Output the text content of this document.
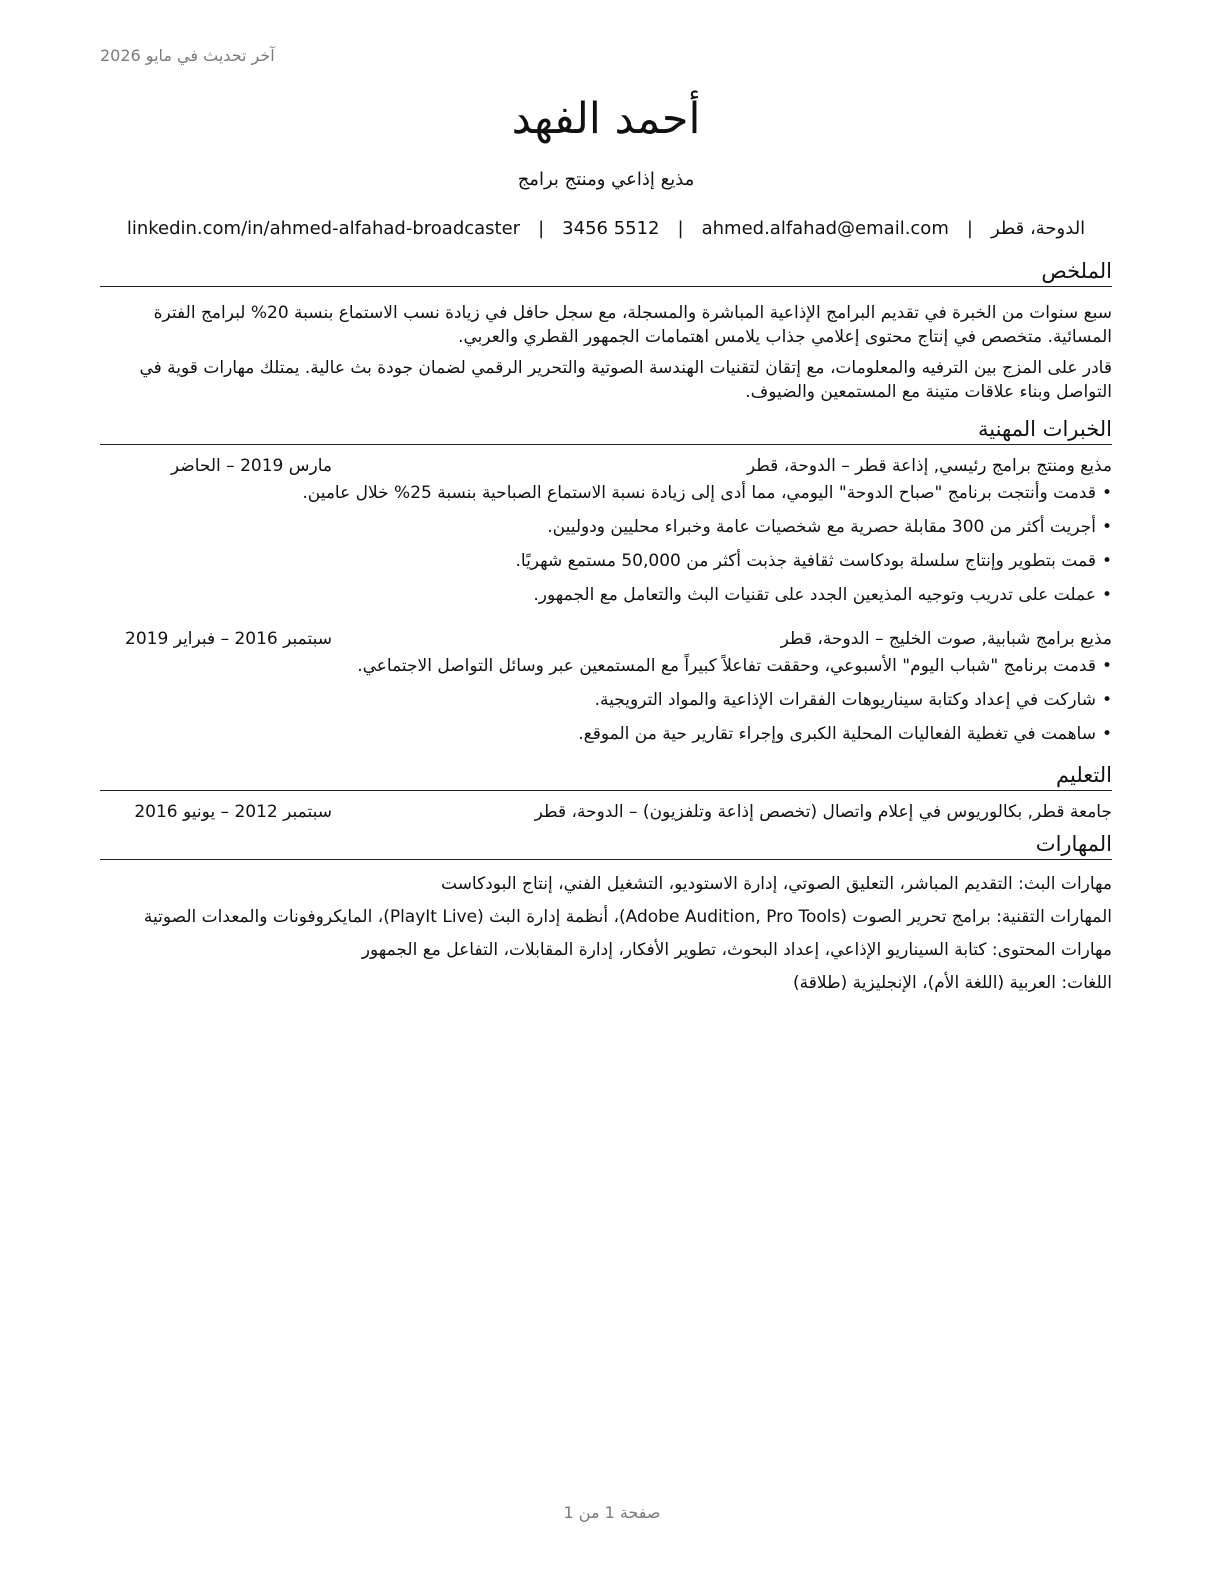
آخر تحديث في مايو 2026
أحمد الفهد
مذيع إذاعي ومنتج برامج
الدوحة، قطر
|
ahmed.alfahad@email.com
|
3456 5512
|
linkedin.com/in/ahmed-alfahad-broadcaster
الملخص

سبع سنوات من الخبرة في تقديم البرامج الإذاعية المباشرة والمسجلة، مع سجل حافل في زيادة نسب الاستماع بنسبة 20% لبرامج الفترة المسائية. متخصص في إنتاج محتوى إعلامي جذاب يلامس اهتمامات الجمهور القطري والعربي.

قادر على المزج بين الترفيه والمعلومات، مع إتقان لتقنيات الهندسة الصوتية والتحرير الرقمي لضمان جودة بث عالية. يمتلك مهارات قوية في التواصل وبناء علاقات متينة مع المستمعين والضيوف.

الخبرات المهنية
مذيع ومنتج برامج رئيسي, إذاعة قطر – الدوحة، قطر
مارس 2019 – الحاضر
• قدمت وأنتجت برنامج "صباح الدوحة" اليومي، مما أدى إلى زيادة نسبة الاستماع الصباحية بنسبة 25% خلال عامين.
• أجريت أكثر من 300 مقابلة حصرية مع شخصيات عامة وخبراء محليين ودوليين.
• قمت بتطوير وإنتاج سلسلة بودكاست ثقافية جذبت أكثر من 50,000 مستمع شهريًا.
• عملت على تدريب وتوجيه المذيعين الجدد على تقنيات البث والتعامل مع الجمهور.
مذيع برامج شبابية, صوت الخليج – الدوحة، قطر
سبتمبر 2016 – فبراير 2019
• قدمت برنامج "شباب اليوم" الأسبوعي، وحققت تفاعلاً كبيراً مع المستمعين عبر وسائل التواصل الاجتماعي.
• شاركت في إعداد وكتابة سيناريوهات الفقرات الإذاعية والمواد الترويجية.
• ساهمت في تغطية الفعاليات المحلية الكبرى وإجراء تقارير حية من الموقع.
التعليم
جامعة قطر, بكالوريوس في إعلام واتصال (تخصص إذاعة وتلفزيون) – الدوحة، قطر
سبتمبر 2012 – يونيو 2016
المهارات
مهارات البث: التقديم المباشر، التعليق الصوتي، إدارة الاستوديو، التشغيل الفني، إنتاج البودكاست
المهارات التقنية: برامج تحرير الصوت (Adobe Audition, Pro Tools)، أنظمة إدارة البث (PlayIt Live)، المايكروفونات والمعدات الصوتية
مهارات المحتوى: كتابة السيناريو الإذاعي، إعداد البحوث، تطوير الأفكار، إدارة المقابلات، التفاعل مع الجمهور
اللغات: العربية (اللغة الأم)، الإنجليزية (طلاقة)
صفحة 1 من 1
